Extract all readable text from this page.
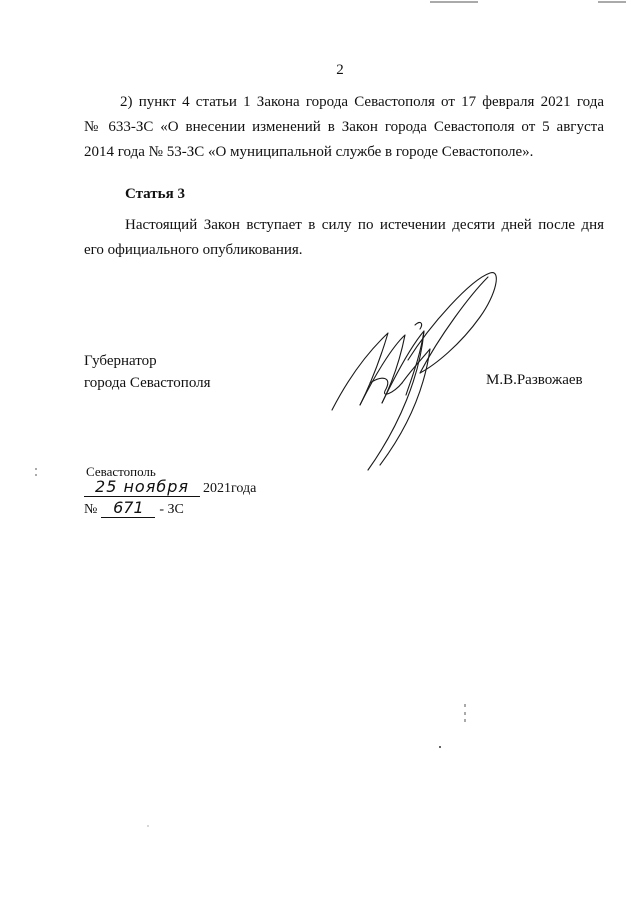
2
2) пункт 4 статьи 1 Закона города Севастополя от 17 февраля 2021 года
№ 633-ЗС «О внесении изменений в Закон города Севастополя от 5 августа
2014 года № 53-ЗС «О муниципальной службе в городе Севастополе».
Статья 3
Настоящий Закон вступает в силу по истечении десяти дней после дня
его официального опубликования.
Губернатор
города Севастополя	М.В.Развожаев
Севастополь
25 ноября	2021года
№ 671	- ЗС
